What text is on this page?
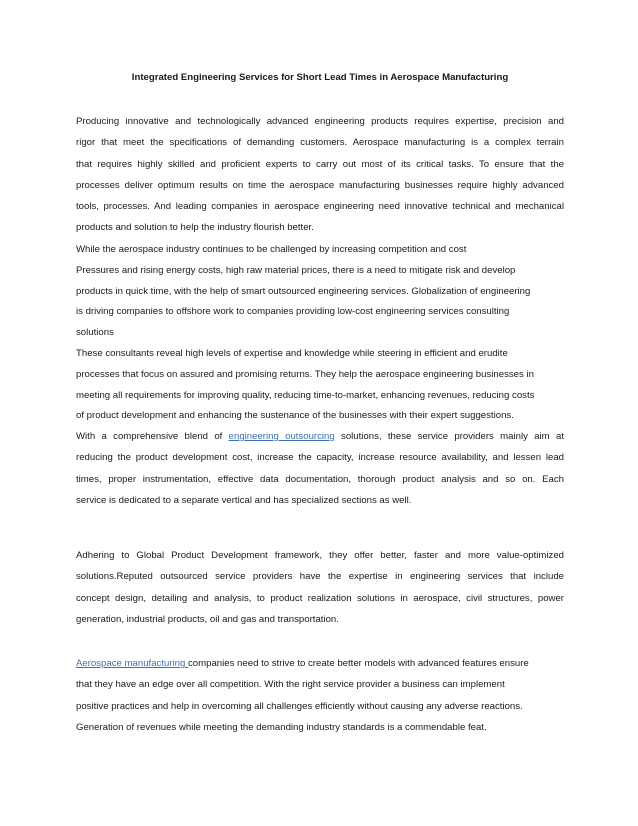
Integrated Engineering Services for Short Lead Times in Aerospace Manufacturing
Producing innovative and technologically advanced engineering products requires expertise, precision and
rigor that meet the specifications of demanding customers. Aerospace manufacturing is a complex terrain
that requires highly skilled and proficient experts to carry out most of its critical tasks. To ensure that the
processes deliver optimum results on time the aerospace manufacturing businesses require highly advanced
tools, processes. And leading companies in aerospace engineering need innovative technical and mechanical
products and solution to help the industry flourish better.
While the aerospace industry continues to be challenged by increasing competition and cost
Pressures and rising energy costs, high raw material prices, there is a need to mitigate risk and develop
products in quick time, with the help of smart outsourced engineering services. Globalization of engineering
is driving companies to offshore work to companies providing low-cost engineering services consulting
solutions
These consultants reveal high levels of expertise and knowledge while steering in efficient and erudite
processes that focus on assured and promising returns. They help the aerospace engineering businesses in
meeting all requirements for improving quality, reducing time-to-market, enhancing revenues, reducing costs
of product development and enhancing the sustenance of the businesses with their expert suggestions.
With a comprehensive blend of engineering outsourcing solutions, these service providers mainly aim at
reducing the product development cost, increase the capacity, increase resource availability, and lessen lead
times, proper instrumentation, effective data documentation, thorough product analysis and so on. Each
service is dedicated to a separate vertical and has specialized sections as well.
Adhering to Global Product Development framework, they offer better, faster and more value-optimized
solutions.Reputed outsourced service providers have the expertise in engineering services that include
concept design, detailing and analysis, to product realization solutions in aerospace, civil structures, power
generation, industrial products, oil and gas and transportation.
Aerospace manufacturing companies need to strive to create better models with advanced features ensure
that they have an edge over all competition. With the right service provider a business can implement
positive practices and help in overcoming all challenges efficiently without causing any adverse reactions.
Generation of revenues while meeting the demanding industry standards is a commendable feat.
